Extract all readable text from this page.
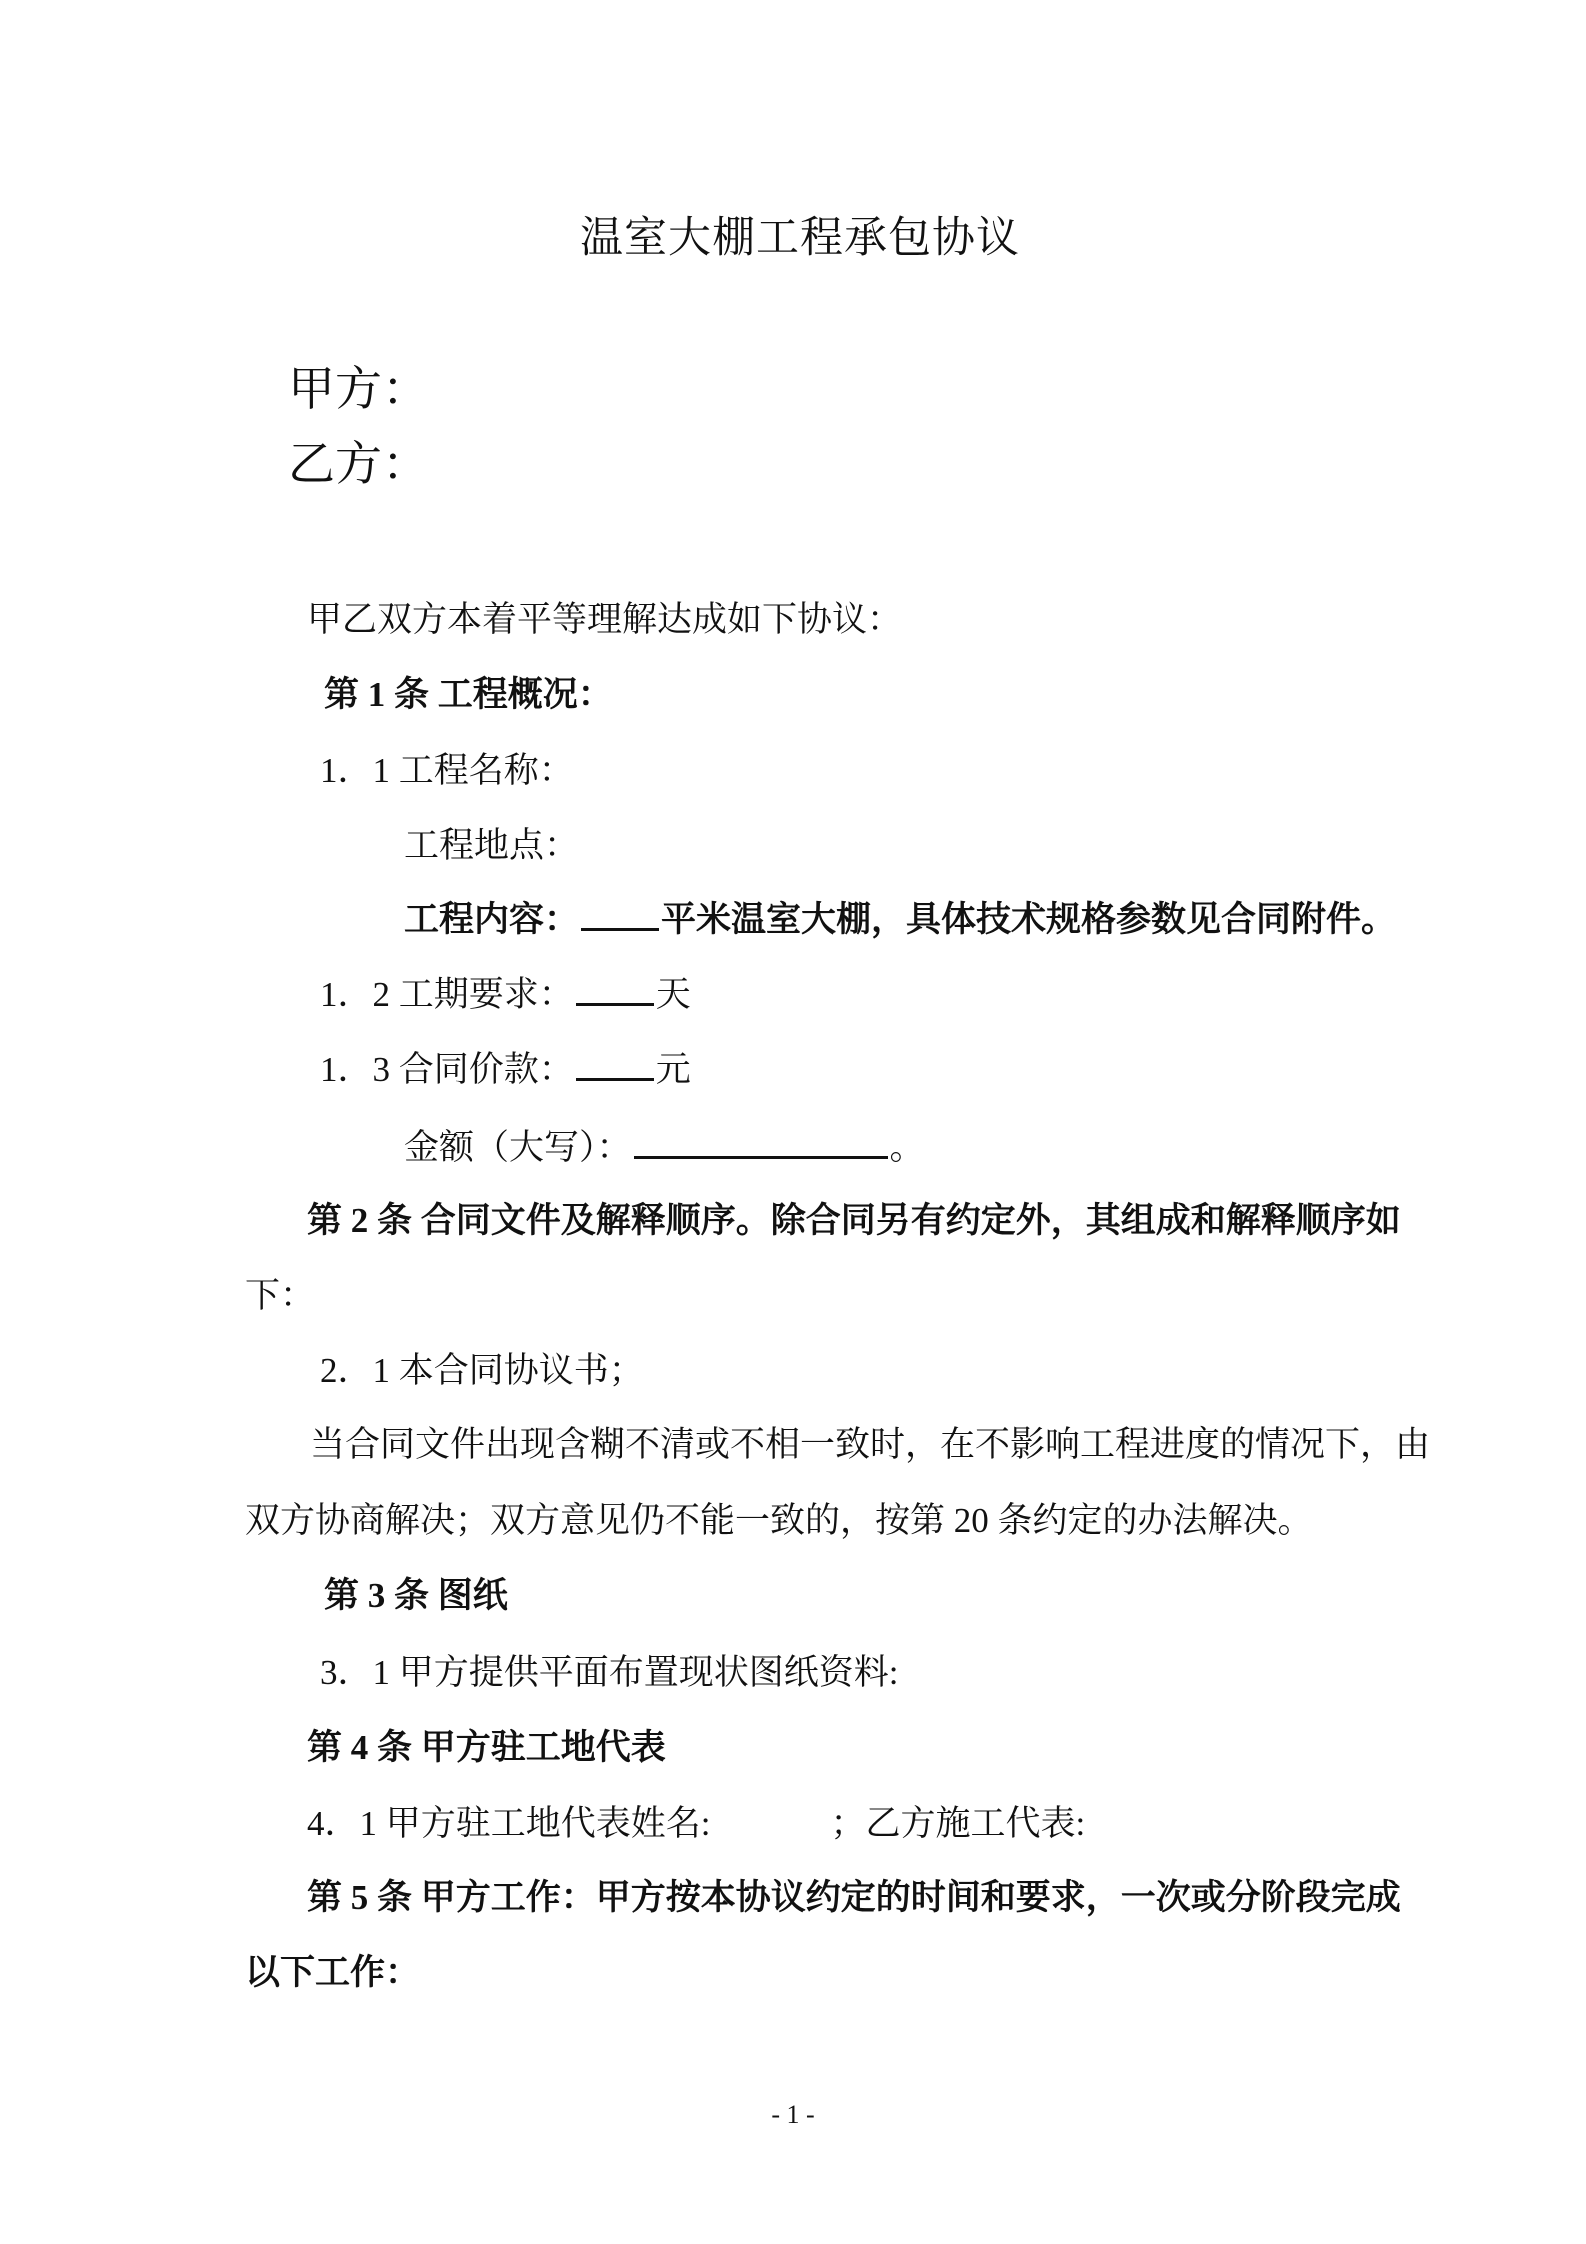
温室大棚工程承包协议
甲方：
乙方：
甲乙双方本着平等理解达成如下协议：
第 1 条 工程概况：
1．1 工程名称：
工程地点：
工程内容： 平米温室大棚，具体技术规格参数见合同附件。
1．2 工期要求： 天
1．3 合同价款： 元
金额（大写）：	。
第 2 条 合同文件及解释顺序。除合同另有约定外，其组成和解释顺序如
下：
2．1 本合同协议书；
当合同文件出现含糊不清或不相一致时，在不影响工程进度的情况下，由
双方协商解决；双方意见仍不能一致的，按第 20 条约定的办法解决。
第 3 条 图纸
3．1 甲方提供平面布置现状图纸资料:
第 4 条 甲方驻工地代表
4．1 甲方驻工地代表姓名:	；乙方施工代表:
第 5 条 甲方工作：甲方按本协议约定的时间和要求，一次或分阶段完成
以下工作：
- 1 -
